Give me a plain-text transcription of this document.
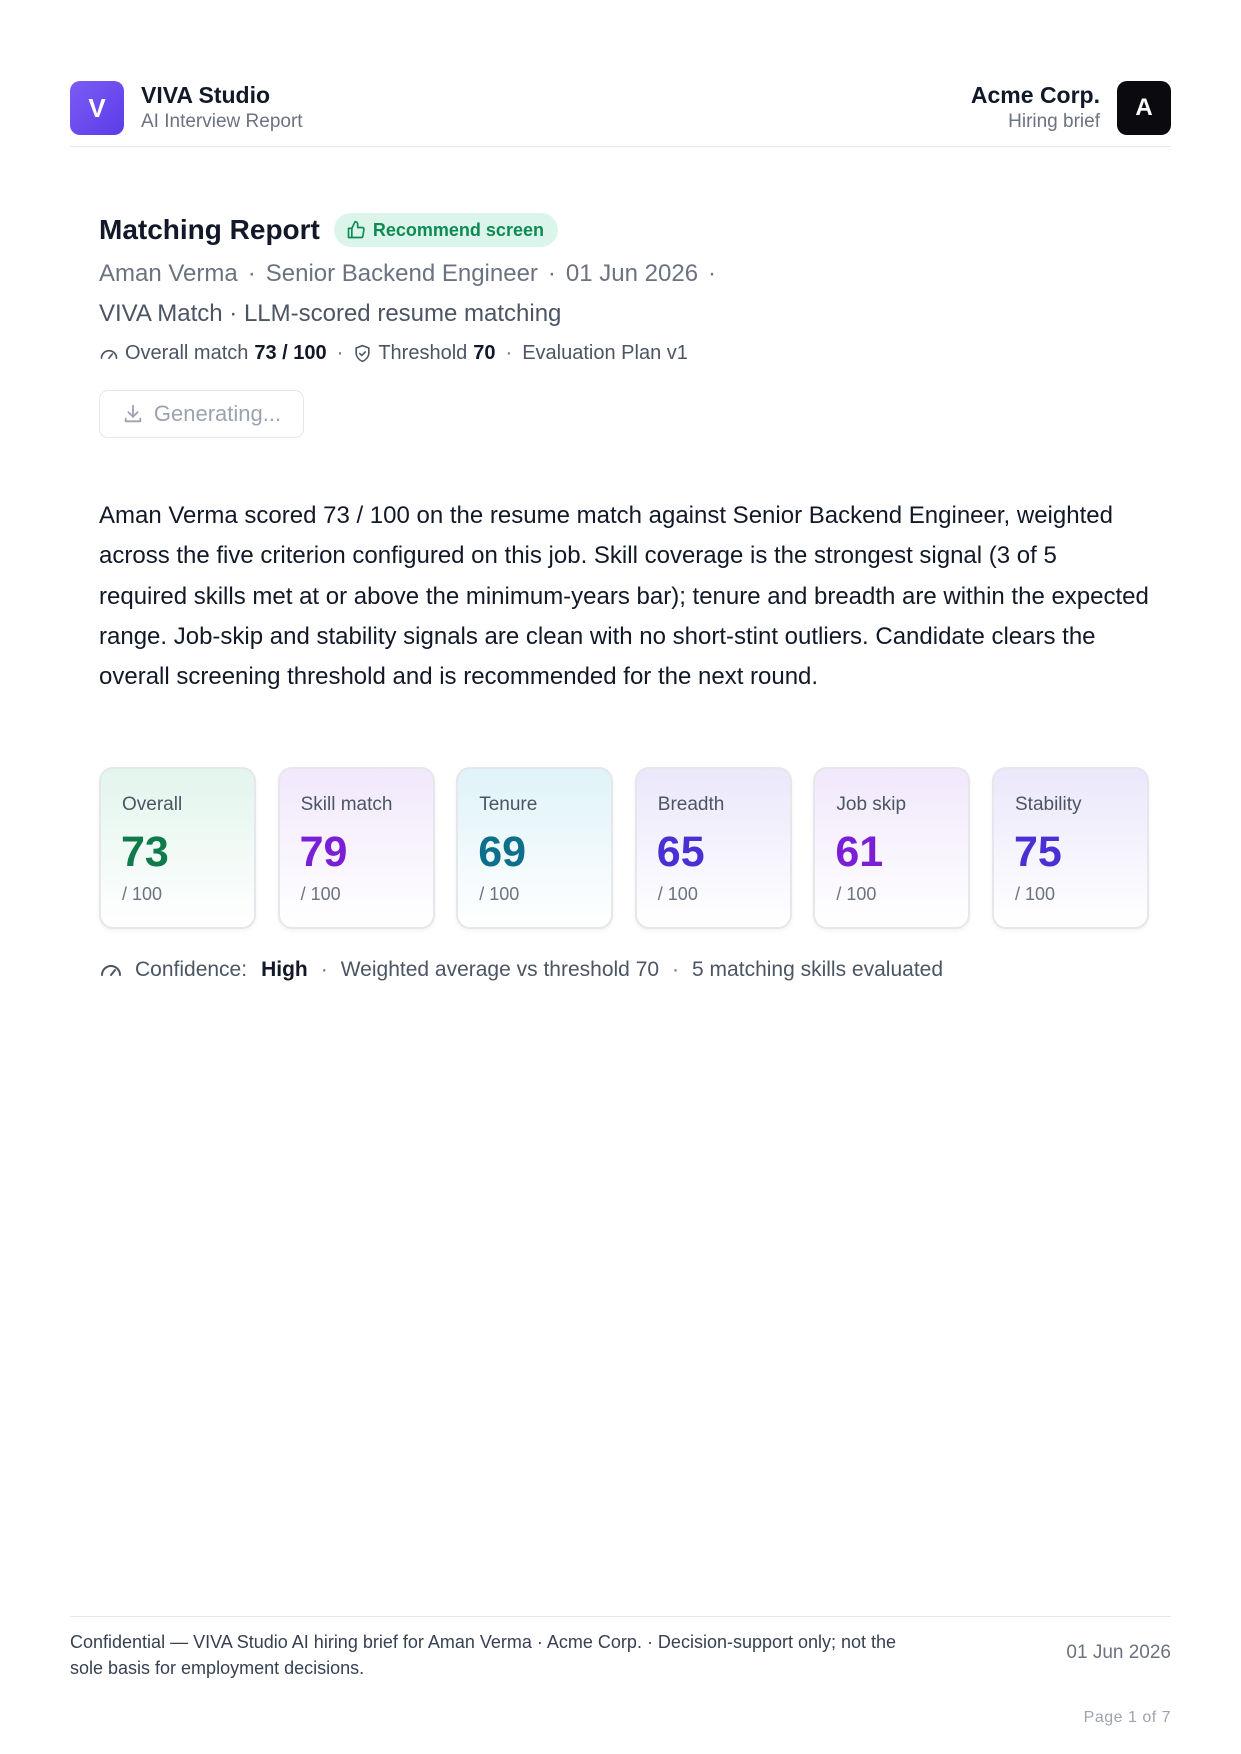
V	VIVA Studio
AI Interview Report
Acme Corp.
Hiring brief
A
Matching Report	Recommend screen
Aman Verma · Senior Backend Engineer · 01 Jun 2026 ·
VIVA Match · LLM-scored resume matching
Overall match 73 / 100 · Threshold 70 · Evaluation Plan v1
Generating...

Aman Verma scored 73 / 100 on the resume match against Senior Backend Engineer, weighted across the five criterion configured on this job. Skill coverage is the strongest signal (3 of 5 required skills met at or above the minimum-years bar); tenure and breadth are within the expected range. Job-skip and stability signals are clean with no short-stint outliers. Candidate clears the overall screening threshold and is recommended for the next round.

Overall
73
/ 100
Skill match
79
/ 100
Tenure
69
/ 100
Breadth
65
/ 100
Job skip
61
/ 100
Stability
75
/ 100
Confidence: High · Weighted average vs threshold 70 · 5 matching skills evaluated
Confidential — VIVA Studio AI hiring brief for Aman Verma · Acme Corp. · Decision-support only; not the sole basis for employment decisions.
01 Jun 2026
Page 1 of 7
